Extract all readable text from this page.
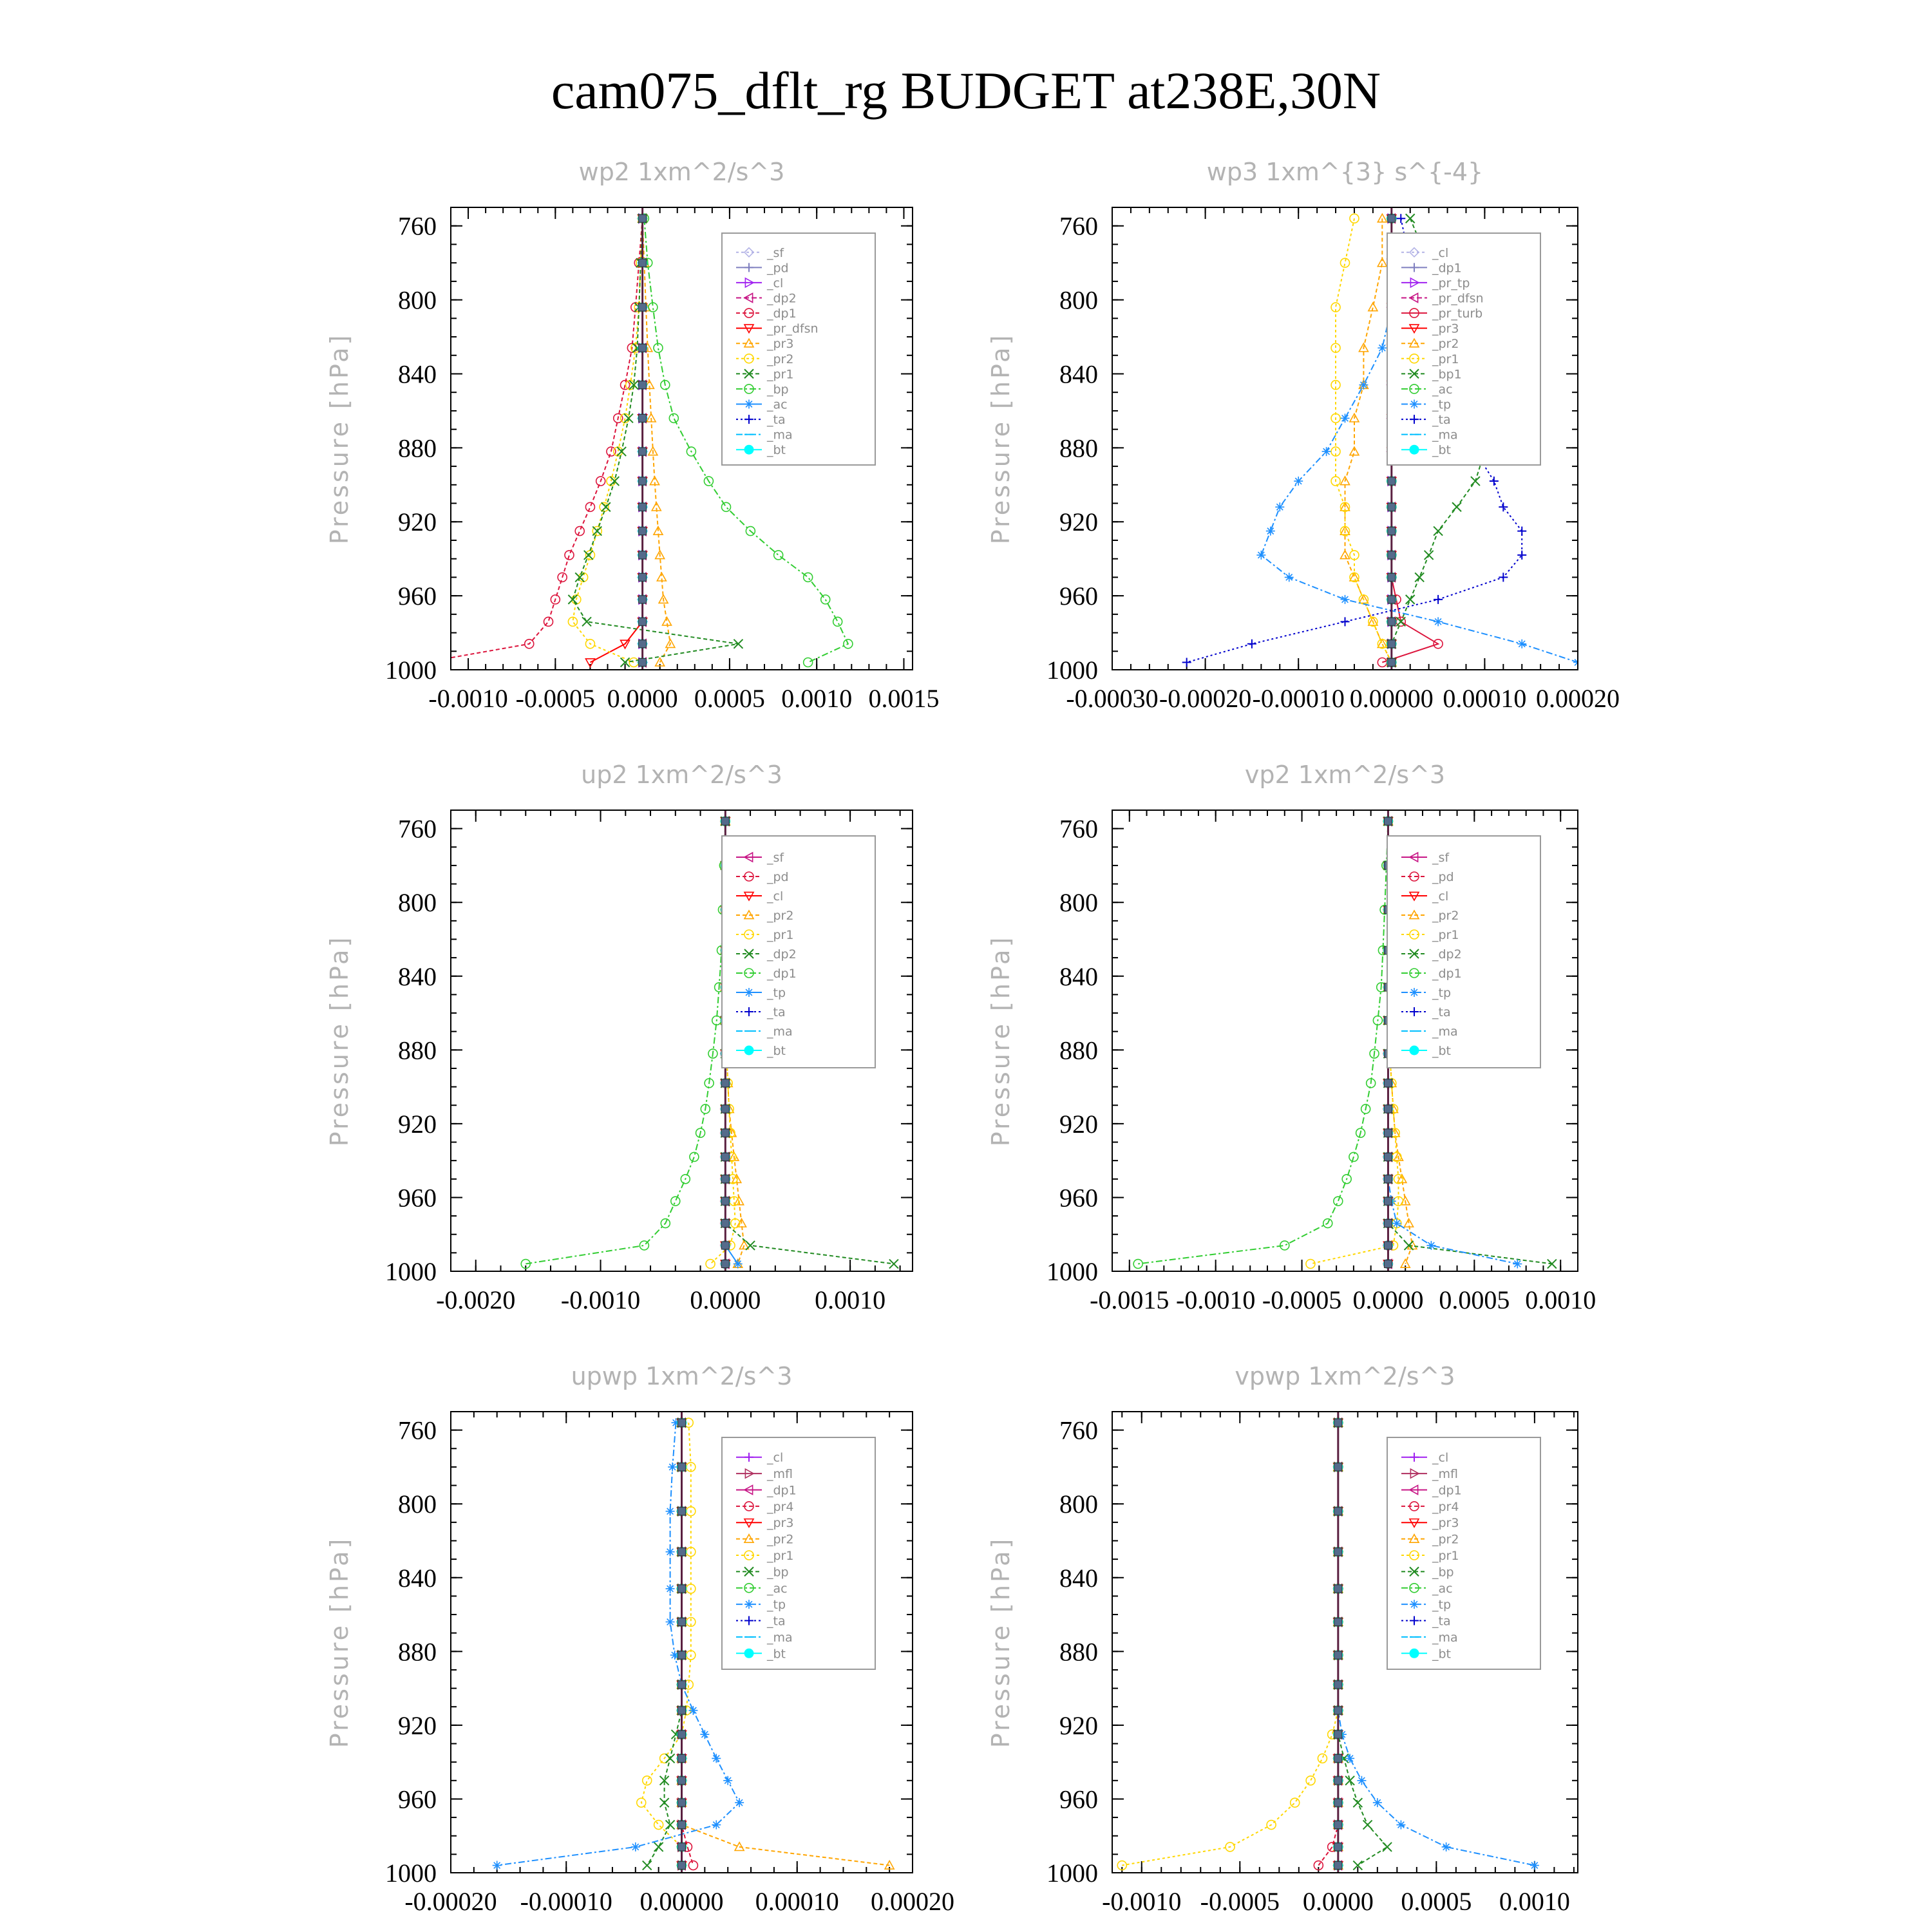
cam075_dflt_rg BUDGET at238E,30N
wp2 1xm^2/s^3
Pressure [hPa]
760
800
840
880
920
960
1000
-0.0010 -0.0005 0.0000 0.0005 0.0010 0.0015
_sf
_pd
_cl
_dp2
_dp1
_pr_dfsn
_pr3
_pr2
_pr1
_bp
_ac
_ta
_ma
_bt
wp3 1xm^{3} s^{-4}
Pressure [hPa]
760
800
840
880
920
960
1000
-0.00030 -0.00020 -0.00010 0.00000 0.00010 0.00020
_cl
_dp1
_pr_tp
_pr_dfsn
_pr_turb
_pr3
_pr2
_pr1
_bp1
_ac
_tp
_ta
_ma
_bt
up2 1xm^2/s^3
Pressure [hPa]
760
800
840
880
920
960
1000
-0.0020 -0.0010 0.0000 0.0010
_sf
_pd
_cl
_pr2
_pr1
_dp2
_dp1
_tp
_ta
_ma
_bt
vp2 1xm^2/s^3
Pressure [hPa]
760
800
840
880
920
960
1000
-0.0015 -0.0010 -0.0005 0.0000 0.0005 0.0010
_sf
_pd
_cl
_pr2
_pr1
_dp2
_dp1
_tp
_ta
_ma
_bt
upwp 1xm^2/s^3
Pressure [hPa]
760
800
840
880
920
960
1000
-0.00020 -0.00010 0.00000 0.00010 0.00020
_cl
_mfl
_dp1
_pr4
_pr3
_pr2
_pr1
_bp
_ac
_tp
_ta
_ma
_bt
vpwp 1xm^2/s^3
Pressure [hPa]
760
800
840
880
920
960
1000
-0.0010 -0.0005 0.0000 0.0005 0.0010
_cl
_mfl
_dp1
_pr4
_pr3
_pr2
_pr1
_bp
_ac
_tp
_ta
_ma
_bt
